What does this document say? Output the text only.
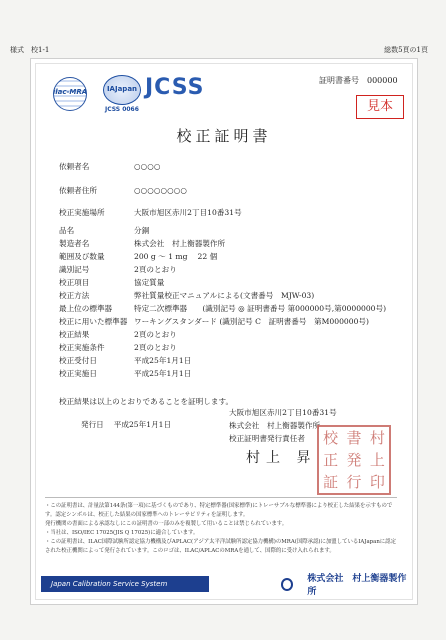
様式　校1-1	総数5頁の1頁
ilac-MRA	IAJapan
JCSS 0066
JCSS	証明書番号　000000
見本
校正証明書
依頼者名	○○○○
依頼者住所	○○○○○○○○
校正実施場所	大阪市旭区赤川2丁目10番31号
品名	分銅
製造者名	株式会社　村上衡器製作所
範囲及び数量	200 g ～ 1 mg　 22 個
識別記号	2頁のとおり
校正項目	協定質量
校正方法	弊社質量校正マニュアルによる(文書番号　MJW-03)
最上位の標準器	特定二次標準器　　(識別記号 ◎ 証明書番号 第000000号,第0000000号)
校正に用いた標準器 ワーキングスタンダード (識別記号 C　証明書番号　第M000000号)
校正結果	2頁のとおり
校正実施条件	2頁のとおり
校正受付日	平成25年1月1日
校正実施日	平成25年1月1日
校正結果は以上のとおりであることを証明します。
大阪市旭区赤川2丁目10番31号
株式会社　村上衡器製作所
校正証明書発行責任者
発行日　 平成25年1月1日
村上 昇
校 書 村
正 発 上
証 行 印

・この証明書は、計量法第144条(第一項)に基づくものであり、特定標準器(国家標準)にトレーサブルな標準器により校正した結果を示すものです。認定シンボルは、校正した結果の国家標準へのトレーサビリティを証明します。

発行機関の書面による承認なしにこの証明書の一部のみを複製して用いることは禁じられています。

・当社は、ISO/IEC 17025(JIS Q 17025)に適合しています。

・この証明書は、ILAC国際試験所認定協力機構及びAPLAC(アジア太平洋試験所認定協力機構)のMRA(国際承認)に加盟しているIAJapanに認定された校正機関によって発行されています。このロゴは、ILAC/APLACのMRAを通して、国際的に受け入れられます。

Japan Calibration Service System	株式会社　村上衡器製作所
